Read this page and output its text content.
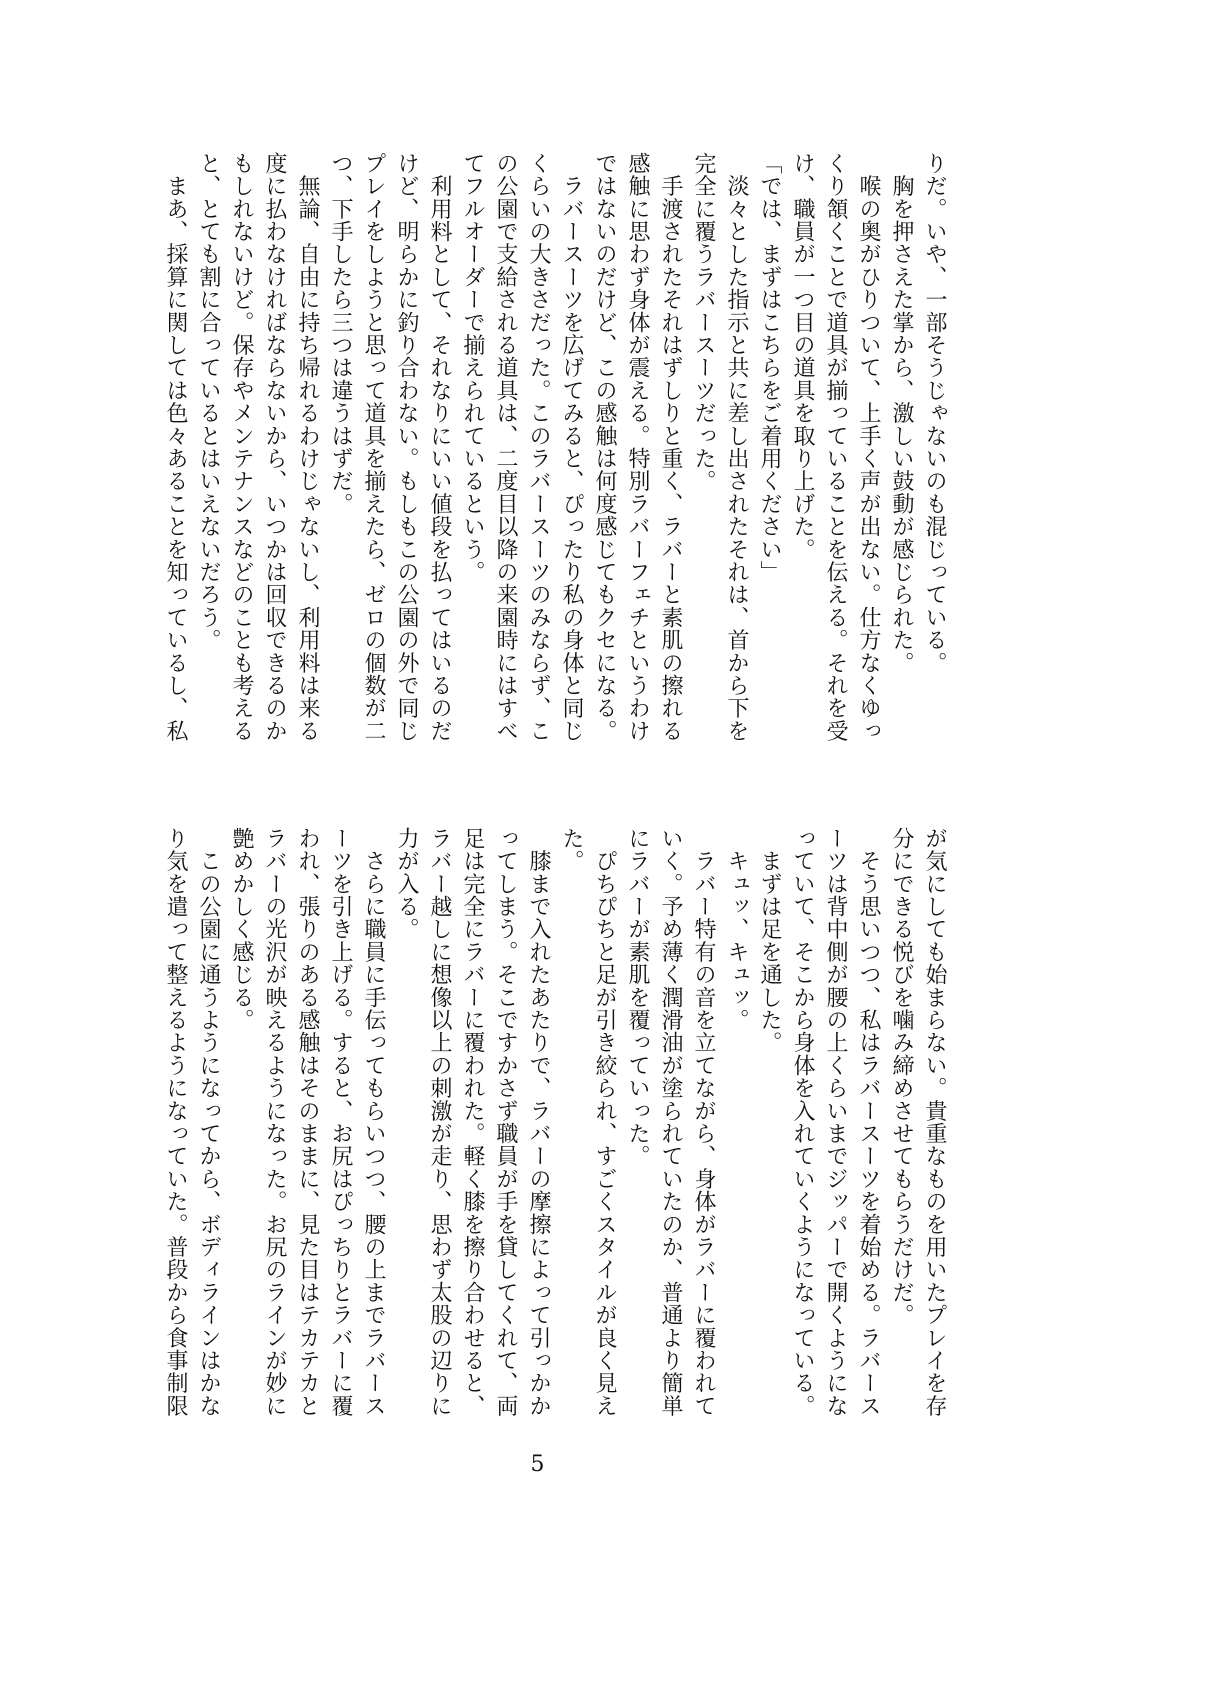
りだ。いや、一部そうじゃないのも混じっている。
　胸を押さえた掌から、激しい鼓動が感じられた。
　喉の奥がひりついて、上手く声が出ない。仕方なくゆっ
くり頷くことで道具が揃っていることを伝える。それを受
け、職員が一つ目の道具を取り上げた。
「では、まずはこちらをご着用ください」
　淡々とした指示と共に差し出されたそれは、首から下を
完全に覆うラバースーツだった。
　手渡されたそれはずしりと重く、ラバーと素肌の擦れる
感触に思わず身体が震える。特別ラバーフェチというわけ
ではないのだけど、この感触は何度感じてもクセになる。
　ラバースーツを広げてみると、ぴったり私の身体と同じ
くらいの大きさだった。このラバースーツのみならず、こ
の公園で支給される道具は、二度目以降の来園時にはすべ
てフルオーダーで揃えられているという。
　利用料として、それなりにいい値段を払ってはいるのだ
けど、明らかに釣り合わない。もしもこの公園の外で同じ
プレイをしようと思って道具を揃えたら、ゼロの個数が二
つ、下手したら三つは違うはずだ。
　無論、自由に持ち帰れるわけじゃないし、利用料は来る
度に払わなければならないから、いつかは回収できるのか
もしれないけど。保存やメンテナンスなどのことも考える
と、とても割に合っているとはいえないだろう。
　まあ、採算に関しては色々あることを知っているし、私
が気にしても始まらない。貴重なものを用いたプレイを存
分にできる悦びを噛み締めさせてもらうだけだ。
　そう思いつつ、私はラバースーツを着始める。ラバース
ーツは背中側が腰の上くらいまでジッパーで開くようにな
っていて、そこから身体を入れていくようになっている。
　まずは足を通した。
　キュッ、キュッ。
　ラバー特有の音を立てながら、身体がラバーに覆われて
いく。予め薄く潤滑油が塗られていたのか、普通より簡単
にラバーが素肌を覆っていった。
　ぴちぴちと足が引き絞られ、すごくスタイルが良く見え
た。
　膝まで入れたあたりで、ラバーの摩擦によって引っかか
ってしまう。そこですかさず職員が手を貸してくれて、両
足は完全にラバーに覆われた。軽く膝を擦り合わせると、
ラバー越しに想像以上の刺激が走り、思わず太股の辺りに
力が入る。
　さらに職員に手伝ってもらいつつ、腰の上までラバース
ーツを引き上げる。すると、お尻はぴっちりとラバーに覆
われ、張りのある感触はそのままに、見た目はテカテカと
ラバーの光沢が映えるようになった。お尻のラインが妙に
艶めかしく感じる。
　この公園に通うようになってから、ボディラインはかな
り気を遣って整えるようになっていた。普段から食事制限
5
